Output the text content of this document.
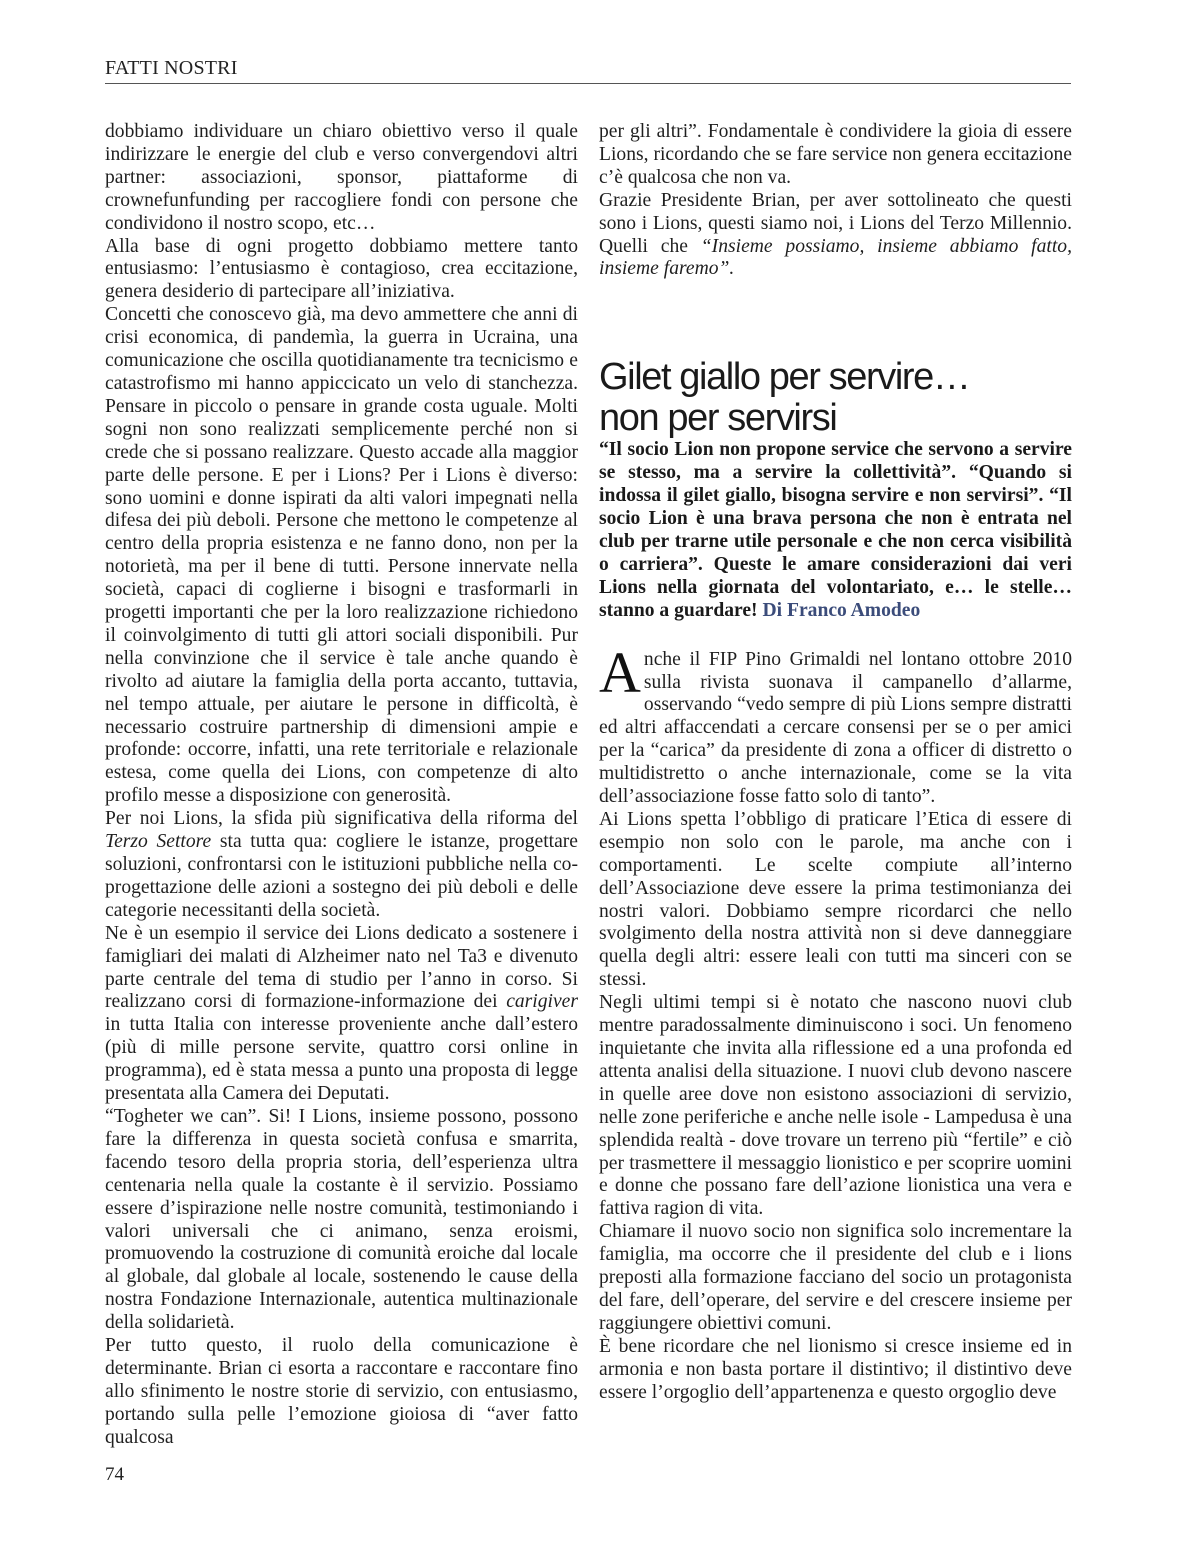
FATTI NOSTRI

dobbiamo individuare un chiaro obiettivo verso il quale indirizzare le energie del club e verso convergendovi altri partner: associazioni, sponsor, piattaforme di crownefunfunding per raccogliere fondi con persone che condividono il nostro scopo, etc…

Alla base di ogni progetto dobbiamo mettere tanto entusiasmo: l’entusiasmo è contagioso, crea eccitazione, genera desiderio di partecipare all’iniziativa.

Concetti che conoscevo già, ma devo ammettere che anni di crisi economica, di pandemìa, la guerra in Ucraina, una comunicazione che oscilla quotidianamente tra tecnicismo e catastrofismo mi hanno appiccicato un velo di stanchezza. Pensare in piccolo o pensare in grande costa uguale. Molti sogni non sono realizzati semplicemente perché non si crede che si possano realizzare. Questo accade alla maggior parte delle persone. E per i Lions? Per i Lions è diverso: sono uomini e donne ispirati da alti valori impegnati nella difesa dei più deboli. Persone che mettono le competenze al centro della propria esistenza e ne fanno dono, non per la notorietà, ma per il bene di tutti. Persone innervate nella società, capaci di coglierne i bisogni e trasformarli in progetti importanti che per la loro realizzazione richiedono il coinvolgimento di tutti gli attori sociali disponibili. Pur nella convinzione che il service è tale anche quando è rivolto ad aiutare la famiglia della porta accanto, tuttavia, nel tempo attuale, per aiutare le persone in difficoltà, è necessario costruire partnership di dimensioni ampie e profonde: occorre, infatti, una rete territoriale e relazionale estesa, come quella dei Lions, con competenze di alto profilo messe a disposizione con generosità.

Per noi Lions, la sfida più significativa della riforma del Terzo Settore sta tutta qua: cogliere le istanze, progettare soluzioni, confrontarsi con le istituzioni pubbliche nella co-progettazione delle azioni a sostegno dei più deboli e delle categorie necessitanti della società.

Ne è un esempio il service dei Lions dedicato a sostenere i famigliari dei malati di Alzheimer nato nel Ta3 e divenuto parte centrale del tema di studio per l’anno in corso. Si realizzano corsi di formazione-informazione dei carigiver in tutta Italia con interesse proveniente anche dall’estero (più di mille persone servite, quattro corsi online in programma), ed è stata messa a punto una proposta di legge presentata alla Camera dei Deputati.

“Togheter we can”. Si! I Lions, insieme possono, possono fare la differenza in questa società confusa e smarrita, facendo tesoro della propria storia, dell’esperienza ultra centenaria nella quale la costante è il servizio. Possiamo essere d’ispirazione nelle nostre comunità, testimoniando i valori universali che ci animano, senza eroismi, promuovendo la costruzione di comunità eroiche dal locale al globale, dal globale al locale, sostenendo le cause della nostra Fondazione Internazionale, autentica multinazionale della solidarietà.

Per tutto questo, il ruolo della comunicazione è determinante. Brian ci esorta a raccontare e raccontare fino allo sfinimento le nostre storie di servizio, con entusiasmo, portando sulla pelle l’emozione gioiosa di “aver fatto qualcosa

per gli altri”. Fondamentale è condividere la gioia di essere Lions, ricordando che se fare service non genera eccitazione c’è qualcosa che non va.

Grazie Presidente Brian, per aver sottolineato che questi sono i Lions, questi siamo noi, i Lions del Terzo Millennio. Quelli che “Insieme possiamo, insieme abbiamo fatto, insieme faremo”.

Gilet giallo per servire…
non per servirsi

“Il socio Lion non propone service che servono a servire se stesso, ma a servire la collettività”. “Quando si indossa il gilet giallo, bisogna servire e non servirsi”. “Il socio Lion è una brava persona che non è entrata nel club per trarne utile personale e che non cerca visibilità o carriera”. Queste le amare considerazioni dai veri Lions nella giornata del volontariato, e… le stelle… stanno a guardare! Di Franco Amodeo

Anche il FIP Pino Grimaldi nel lontano ottobre 2010 sulla rivista suonava il campanello d’allarme, osservando “vedo sempre di più Lions sempre distratti ed altri affaccendati a cercare consensi per se o per amici per la “carica” da presidente di zona a officer di distretto o multidistretto o anche internazionale, come se la vita dell’associazione fosse fatto solo di tanto”.

Ai Lions spetta l’obbligo di praticare l’Etica di essere di esempio non solo con le parole, ma anche con i comportamenti. Le scelte compiute all’interno dell’Associazione deve essere la prima testimonianza dei nostri valori. Dobbiamo sempre ricordarci che nello svolgimento della nostra attività non si deve danneggiare quella degli altri: essere leali con tutti ma sinceri con se stessi.

Negli ultimi tempi si è notato che nascono nuovi club mentre paradossalmente diminuiscono i soci. Un fenomeno inquietante che invita alla riflessione ed a una profonda ed attenta analisi della situazione. I nuovi club devono nascere in quelle aree dove non esistono associazioni di servizio, nelle zone periferiche e anche nelle isole - Lampedusa è una splendida realtà - dove trovare un terreno più “fertile” e ciò per trasmettere il messaggio lionistico e per scoprire uomini e donne che possano fare dell’azione lionistica una vera e fattiva ragion di vita.

Chiamare il nuovo socio non significa solo incrementare la famiglia, ma occorre che il presidente del club e i lions preposti alla formazione facciano del socio un protagonista del fare, dell’operare, del servire e del crescere insieme per raggiungere obiettivi comuni.

È bene ricordare che nel lionismo si cresce insieme ed in armonia e non basta portare il distintivo; il distintivo deve essere l’orgoglio dell’appartenenza e questo orgoglio deve

74
